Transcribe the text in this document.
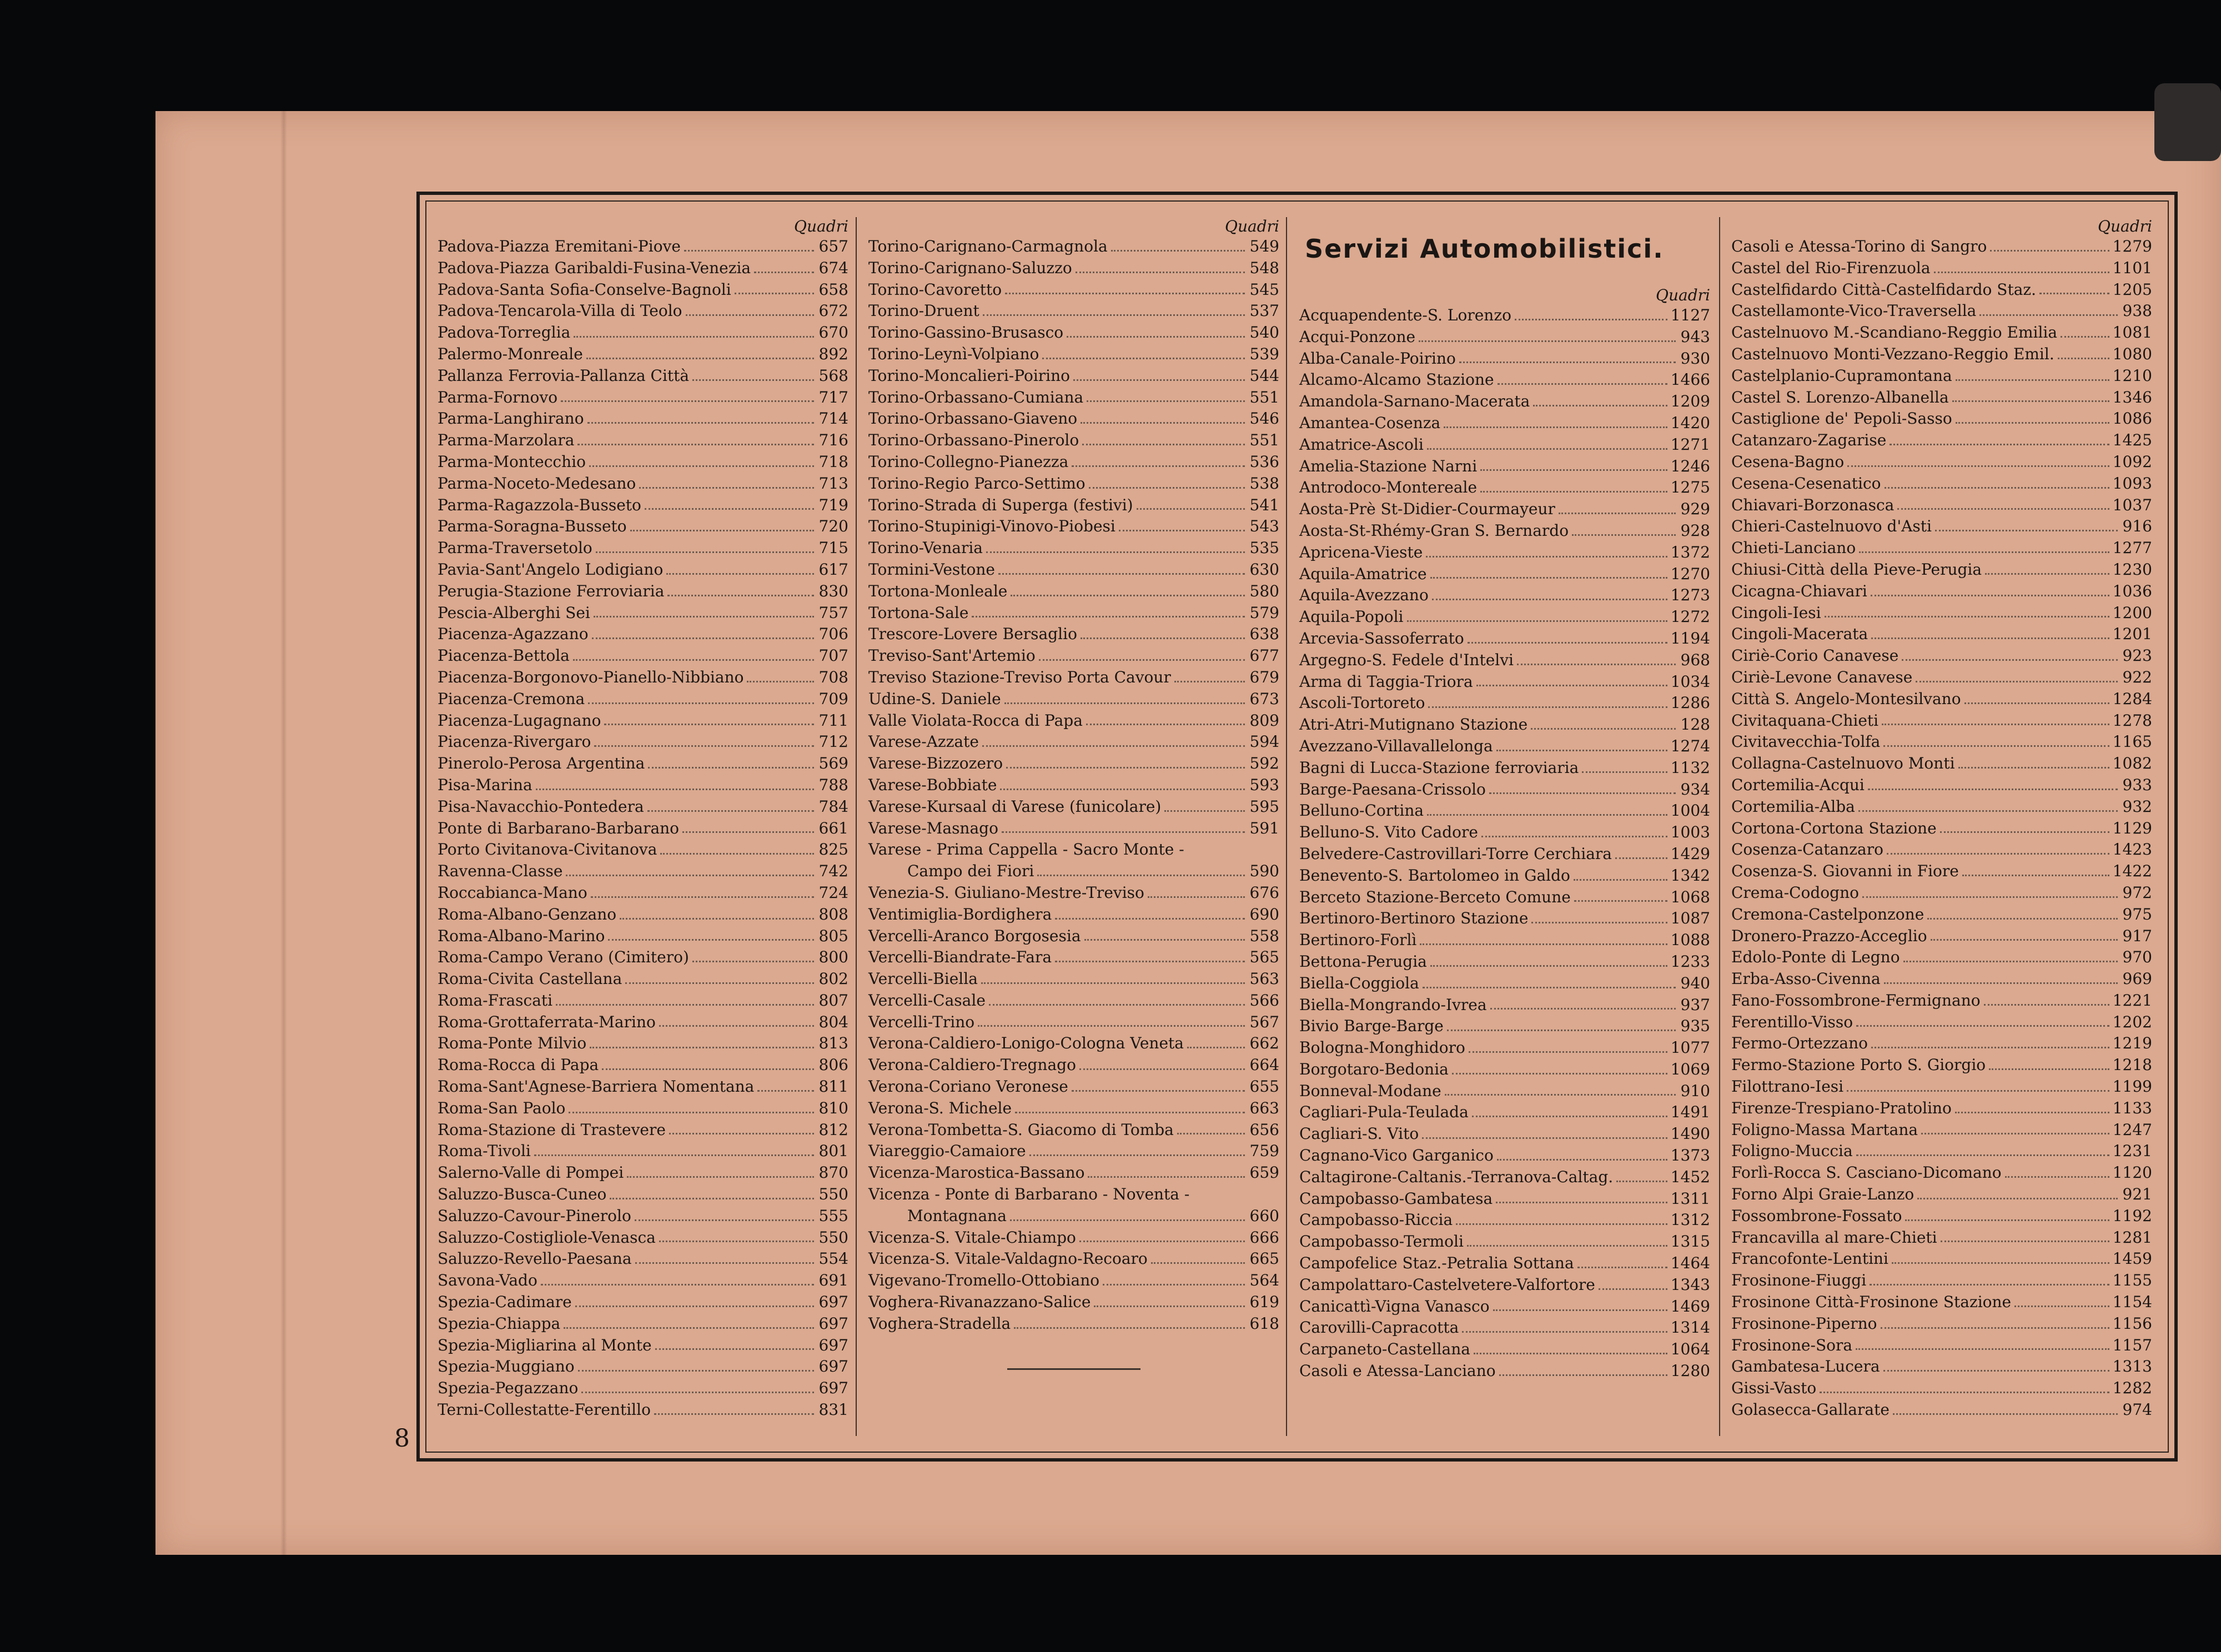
8
Quadri
Padova-Piazza Eremitani-Piove	657
Padova-Piazza Garibaldi-Fusina-Venezia	674
Padova-Santa Sofia-Conselve-Bagnoli	658
Padova-Tencarola-Villa di Teolo	672
Padova-Torreglia	670
Palermo-Monreale	892
Pallanza Ferrovia-Pallanza Città	568
Parma-Fornovo	717
Parma-Langhirano	714
Parma-Marzolara	716
Parma-Montecchio	718
Parma-Noceto-Medesano	713
Parma-Ragazzola-Busseto	719
Parma-Soragna-Busseto	720
Parma-Traversetolo	715
Pavia-Sant'Angelo Lodigiano	617
Perugia-Stazione Ferroviaria	830
Pescia-Alberghi Sei	757
Piacenza-Agazzano	706
Piacenza-Bettola	707
Piacenza-Borgonovo-Pianello-Nibbiano	708
Piacenza-Cremona	709
Piacenza-Lugagnano	711
Piacenza-Rivergaro	712
Pinerolo-Perosa Argentina	569
Pisa-Marina	788
Pisa-Navacchio-Pontedera	784
Ponte di Barbarano-Barbarano	661
Porto Civitanova-Civitanova	825
Ravenna-Classe	742
Roccabianca-Mano	724
Roma-Albano-Genzano	808
Roma-Albano-Marino	805
Roma-Campo Verano (Cimitero)	800
Roma-Civita Castellana	802
Roma-Frascati	807
Roma-Grottaferrata-Marino	804
Roma-Ponte Milvio	813
Roma-Rocca di Papa	806
Roma-Sant'Agnese-Barriera Nomentana	811
Roma-San Paolo	810
Roma-Stazione di Trastevere	812
Roma-Tivoli	801
Salerno-Valle di Pompei	870
Saluzzo-Busca-Cuneo	550
Saluzzo-Cavour-Pinerolo	555
Saluzzo-Costigliole-Venasca	550
Saluzzo-Revello-Paesana	554
Savona-Vado	691
Spezia-Cadimare	697
Spezia-Chiappa	697
Spezia-Migliarina al Monte	697
Spezia-Muggiano	697
Spezia-Pegazzano	697
Terni-Collestatte-Ferentillo	831
Quadri
Torino-Carignano-Carmagnola	549
Torino-Carignano-Saluzzo	548
Torino-Cavoretto	545
Torino-Druent	537
Torino-Gassino-Brusasco	540
Torino-Leynì-Volpiano	539
Torino-Moncalieri-Poirino	544
Torino-Orbassano-Cumiana	551
Torino-Orbassano-Giaveno	546
Torino-Orbassano-Pinerolo	551
Torino-Collegno-Pianezza	536
Torino-Regio Parco-Settimo	538
Torino-Strada di Superga (festivi)	541
Torino-Stupinigi-Vinovo-Piobesi	543
Torino-Venaria	535
Tormini-Vestone	630
Tortona-Monleale	580
Tortona-Sale	579
Trescore-Lovere Bersaglio	638
Treviso-Sant'Artemio	677
Treviso Stazione-Treviso Porta Cavour	679
Udine-S. Daniele	673
Valle Violata-Rocca di Papa	809
Varese-Azzate	594
Varese-Bizzozero	592
Varese-Bobbiate	593
Varese-Kursaal di Varese (funicolare)	595
Varese-Masnago	591
Varese - Prima Cappella - Sacro Monte -
Campo dei Fiori	590
Venezia-S. Giuliano-Mestre-Treviso	676
Ventimiglia-Bordighera	690
Vercelli-Aranco Borgosesia	558
Vercelli-Biandrate-Fara	565
Vercelli-Biella	563
Vercelli-Casale	566
Vercelli-Trino	567
Verona-Caldiero-Lonigo-Cologna Veneta	662
Verona-Caldiero-Tregnago	664
Verona-Coriano Veronese	655
Verona-S. Michele	663
Verona-Tombetta-S. Giacomo di Tomba	656
Viareggio-Camaiore	759
Vicenza-Marostica-Bassano	659
Vicenza - Ponte di Barbarano - Noventa -
Montagnana	660
Vicenza-S. Vitale-Chiampo	666
Vicenza-S. Vitale-Valdagno-Recoaro	665
Vigevano-Tromello-Ottobiano	564
Voghera-Rivanazzano-Salice	619
Voghera-Stradella	618
Servizi Automobilistici.
Quadri
Acquapendente-S. Lorenzo	1127
Acqui-Ponzone	943
Alba-Canale-Poirino	930
Alcamo-Alcamo Stazione	1466
Amandola-Sarnano-Macerata	1209
Amantea-Cosenza	1420
Amatrice-Ascoli	1271
Amelia-Stazione Narni	1246
Antrodoco-Montereale	1275
Aosta-Prè St-Didier-Courmayeur	929
Aosta-St-Rhémy-Gran S. Bernardo	928
Apricena-Vieste	1372
Aquila-Amatrice	1270
Aquila-Avezzano	1273
Aquila-Popoli	1272
Arcevia-Sassoferrato	1194
Argegno-S. Fedele d'Intelvi	968
Arma di Taggia-Triora	1034
Ascoli-Tortoreto	1286
Atri-Atri-Mutignano Stazione	128
Avezzano-Villavallelonga	1274
Bagni di Lucca-Stazione ferroviaria	1132
Barge-Paesana-Crissolo	934
Belluno-Cortina	1004
Belluno-S. Vito Cadore	1003
Belvedere-Castrovillari-Torre Cerchiara	1429
Benevento-S. Bartolomeo in Galdo	1342
Berceto Stazione-Berceto Comune	1068
Bertinoro-Bertinoro Stazione	1087
Bertinoro-Forlì	1088
Bettona-Perugia	1233
Biella-Coggiola	940
Biella-Mongrando-Ivrea	937
Bivio Barge-Barge	935
Bologna-Monghidoro	1077
Borgotaro-Bedonia	1069
Bonneval-Modane	910
Cagliari-Pula-Teulada	1491
Cagliari-S. Vito	1490
Cagnano-Vico Garganico	1373
Caltagirone-Caltanis.-Terranova-Caltag.	1452
Campobasso-Gambatesa	1311
Campobasso-Riccia	1312
Campobasso-Termoli	1315
Campofelice Staz.-Petralia Sottana	1464
Campolattaro-Castelvetere-Valfortore	1343
Canicattì-Vigna Vanasco	1469
Carovilli-Capracotta	1314
Carpaneto-Castellana	1064
Casoli e Atessa-Lanciano	1280
Quadri
Casoli e Atessa-Torino di Sangro	1279
Castel del Rio-Firenzuola	1101
Castelfidardo Città-Castelfidardo Staz.	1205
Castellamonte-Vico-Traversella	938
Castelnuovo M.-Scandiano-Reggio Emilia	1081
Castelnuovo Monti-Vezzano-Reggio Emil.	1080
Castelplanio-Cupramontana	1210
Castel S. Lorenzo-Albanella	1346
Castiglione de' Pepoli-Sasso	1086
Catanzaro-Zagarise	1425
Cesena-Bagno	1092
Cesena-Cesenatico	1093
Chiavari-Borzonasca	1037
Chieri-Castelnuovo d'Asti	916
Chieti-Lanciano	1277
Chiusi-Città della Pieve-Perugia	1230
Cicagna-Chiavari	1036
Cingoli-Iesi	1200
Cingoli-Macerata	1201
Ciriè-Corio Canavese	923
Ciriè-Levone Canavese	922
Città S. Angelo-Montesilvano	1284
Civitaquana-Chieti	1278
Civitavecchia-Tolfa	1165
Collagna-Castelnuovo Monti	1082
Cortemilia-Acqui	933
Cortemilia-Alba	932
Cortona-Cortona Stazione	1129
Cosenza-Catanzaro	1423
Cosenza-S. Giovanni in Fiore	1422
Crema-Codogno	972
Cremona-Castelponzone	975
Dronero-Prazzo-Acceglio	917
Edolo-Ponte di Legno	970
Erba-Asso-Civenna	969
Fano-Fossombrone-Fermignano	1221
Ferentillo-Visso	1202
Fermo-Ortezzano	1219
Fermo-Stazione Porto S. Giorgio	1218
Filottrano-Iesi	1199
Firenze-Trespiano-Pratolino	1133
Foligno-Massa Martana	1247
Foligno-Muccia	1231
Forlì-Rocca S. Casciano-Dicomano	1120
Forno Alpi Graie-Lanzo	921
Fossombrone-Fossato	1192
Francavilla al mare-Chieti	1281
Francofonte-Lentini	1459
Frosinone-Fiuggi	1155
Frosinone Città-Frosinone Stazione	1154
Frosinone-Piperno	1156
Frosinone-Sora	1157
Gambatesa-Lucera	1313
Gissi-Vasto	1282
Golasecca-Gallarate	974
